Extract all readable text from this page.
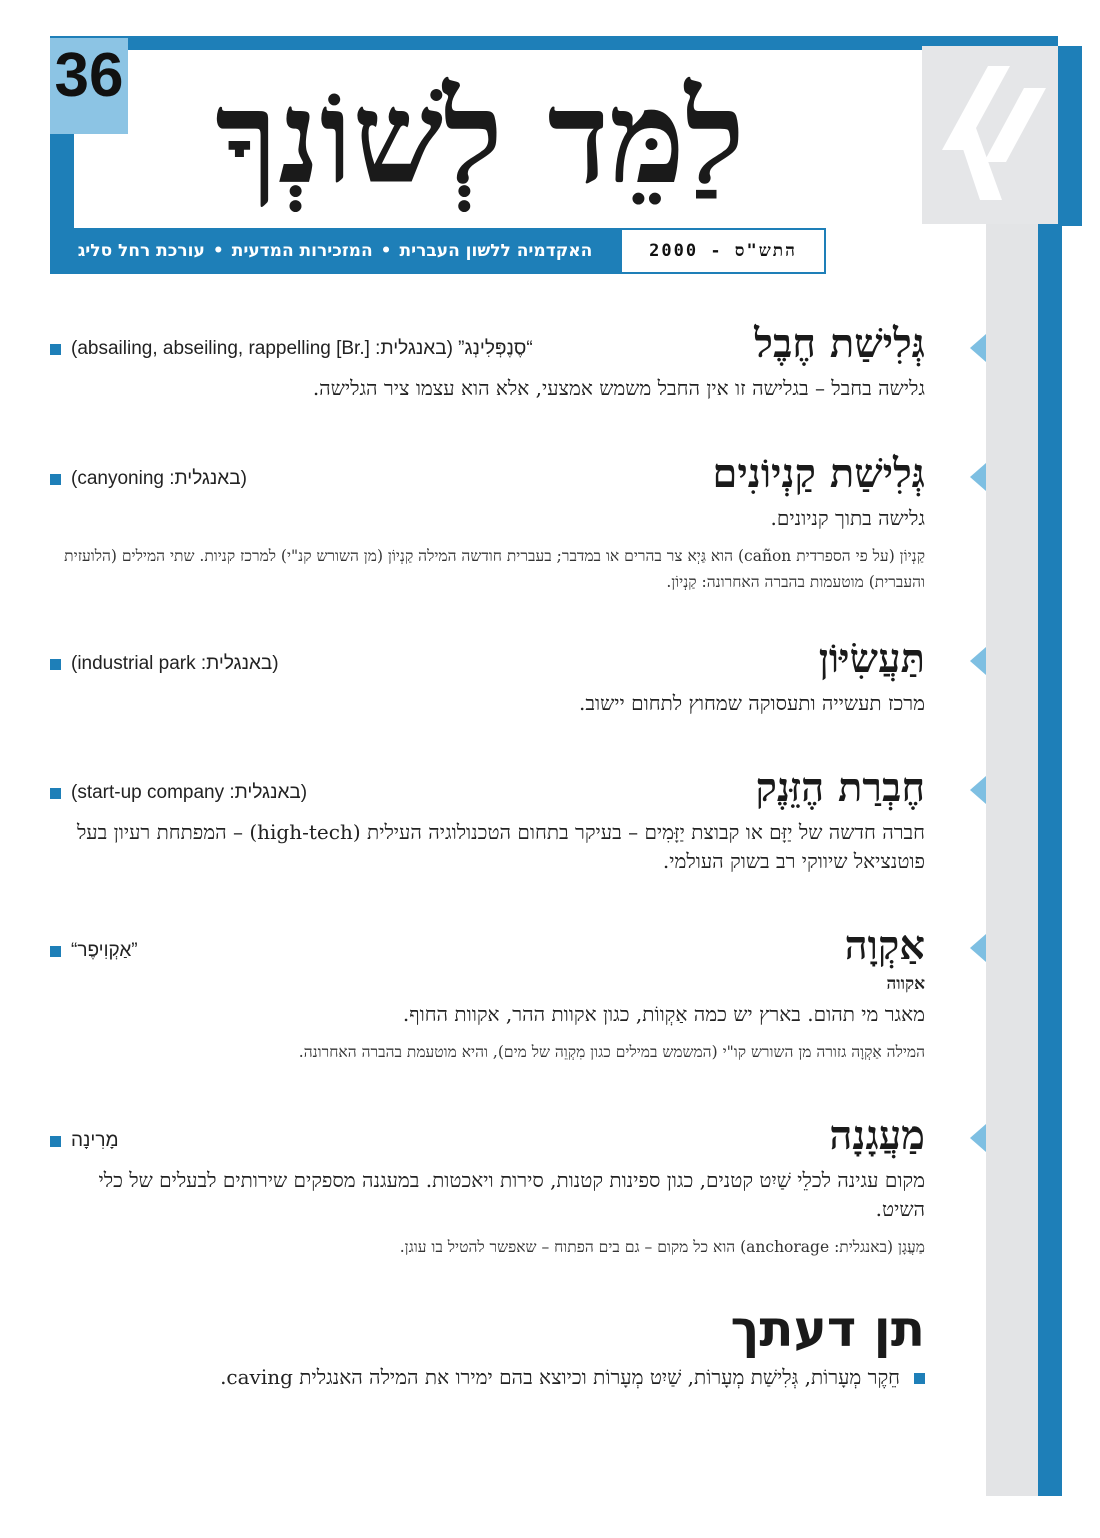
36 לַמֵּד לְשׁוֹנְךָ
האקדמיה ללשון העברית•המזכירות המדעית•עורכת רחל סליג	התש"ס - 2000
גְּלִישַׁת חֶבֶל
(absailing, abseiling, rappelling [Br.] :באנגלית) ”סֶנֶפְּלִינְג“
גלישה בחבל – בגלישה זו אין החבל משמש אמצעי, אלא הוא עצמו ציר הגלישה.
גְּלִישַׁת קַנְיוֹנִים
(canyoning :באנגלית)
גלישה בתוך קניונים.
קַנְיוֹן (על פי הספרדית cañon) הוא גַּיְא צר בהרים או במדבר; בעברית חודשה המילה קַנְיוֹן (מן השורש קנ"י) למרכז קניות. שתי המילים (הלועזית והעברית) מוטעמות בהברה האחרונה: קַנְיוֹן.
תַּעֲשִׂיּוֹן
(industrial park :באנגלית)
מרכז תעשייה ותעסוקה שמחוץ לתחום יישוב.
חֶבְרַת הֶזֵּנֶק
(start-up company :באנגלית)
חברה חדשה של יַזָּם או קבוצת יַזָּמִים – בעיקר בתחום הטכנולוגיה העילית (high-tech) – המפתחת רעיון בעל פוטנציאל שיווקי רב בשוק העולמי.
אַקְוָה
”אַקְוִיפֶר“
אקווה
מאגר מי תהום. בארץ יש כמה אַקְווֹת, כגון אקוות ההר, אקוות החוף.
המילה אַקְוָה גזורה מן השורש קו"י (המשמש במילים כגון מִקְוֵה של מים), והיא מוטעמת בהברה האחרונה.
מַעֲגָנָה
מָרִינָה
מקום עגינה לכלֵי שַׁיִט קטנים, כגון ספינות קטנות, סירות ויאכטות. במעגנה מספקים שירותים לבעלים של כלי השיט.
מַעֲגָן (באנגלית: anchorage) הוא כל מקום – גם בים הפתוח – שאפשר להטיל בו עוגן.
תן דעתך
חֵקֶר מְעָרוֹת, גְּלִישַׁת מְעָרוֹת, שַׁיִט מְעָרוֹת וכיוצא בהם ימירו את המילה האנגלית caving.
